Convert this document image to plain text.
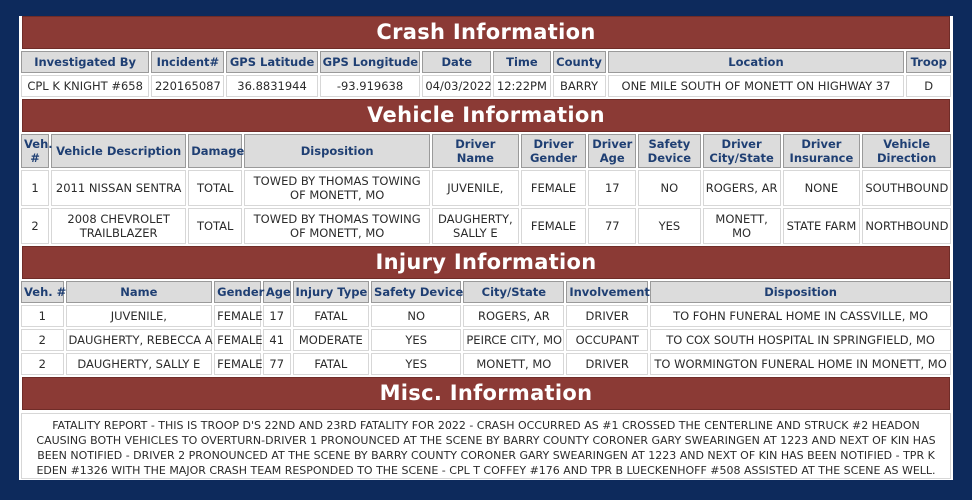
Crash Information
Investigated By	Incident#	GPS Latitude	GPS Longitude	Date	Time	County	Location	Troop
CPL K KNIGHT #658	220165087	36.8831944	-93.919638	04/03/2022	12:22PM	BARRY	ONE MILE SOUTH OF MONETT ON HIGHWAY 37	D
Vehicle Information
Veh. #	Vehicle Description	Damage	Disposition	Driver Name	Driver Gender	Driver Age	Safety Device	Driver City/State	Driver Insurance	Vehicle Direction
1	2011 NISSAN SENTRA	TOTAL	TOWED BY THOMAS TOWING OF MONETT, MO	JUVENILE,	FEMALE	17	NO	ROGERS, AR	NONE	SOUTHBOUND
2	2008 CHEVROLET TRAILBLAZER	TOTAL	TOWED BY THOMAS TOWING OF MONETT, MO	DAUGHERTY, SALLY E	FEMALE	77	YES	MONETT, MO	STATE FARM	NORTHBOUND
Injury Information
Veh. #	Name	Gender	Age	Injury Type	Safety Device	City/State	Involvement	Disposition
1	JUVENILE,	FEMALE	17	FATAL	NO	ROGERS, AR	DRIVER	TO FOHN FUNERAL HOME IN CASSVILLE, MO
2	DAUGHERTY, REBECCA A	FEMALE	41	MODERATE	YES	PEIRCE CITY, MO	OCCUPANT	TO COX SOUTH HOSPITAL IN SPRINGFIELD, MO
2	DAUGHERTY, SALLY E	FEMALE	77	FATAL	YES	MONETT, MO	DRIVER	TO WORMINGTON FUNERAL HOME IN MONETT, MO
Misc. Information
FATALITY REPORT - THIS IS TROOP D'S 22ND AND 23RD FATALITY FOR 2022 - CRASH OCCURRED AS #1 CROSSED THE CENTERLINE AND STRUCK #2 HEADON CAUSING BOTH VEHICLES TO OVERTURN-DRIVER 1 PRONOUNCED AT THE SCENE BY BARRY COUNTY CORONER GARY SWEARINGEN AT 1223 AND NEXT OF KIN HAS BEEN NOTIFIED - DRIVER 2 PRONOUNCED AT THE SCENE BY BARRY COUNTY CORONER GARY SWEARINGEN AT 1223 AND NEXT OF KIN HAS BEEN NOTIFIED - TPR K EDEN #1326 WITH THE MAJOR CRASH TEAM RESPONDED TO THE SCENE - CPL T COFFEY #176 AND TPR B LUECKENHOFF #508 ASSISTED AT THE SCENE AS WELL.
